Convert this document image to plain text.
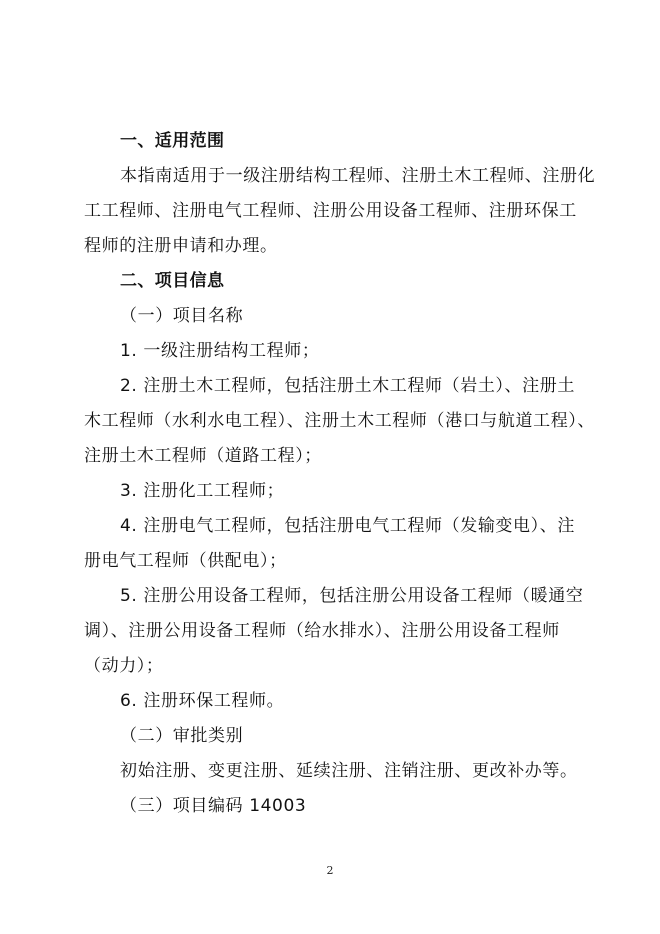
一、适用范围
本指南适用于一级注册结构工程师、注册土木工程师、注册化
工工程师、注册电气工程师、注册公用设备工程师、注册环保工
程师的注册申请和办理。
二、项目信息
（一）项目名称
1. 一级注册结构工程师；
2. 注册土木工程师，包括注册土木工程师（岩土）、注册土
木工程师（水利水电工程）、注册土木工程师（港口与航道工程）、
注册土木工程师（道路工程）；
3. 注册化工工程师；
4. 注册电气工程师，包括注册电气工程师（发输变电）、注
册电气工程师（供配电）；
5. 注册公用设备工程师，包括注册公用设备工程师（暖通空
调）、注册公用设备工程师（给水排水）、注册公用设备工程师
（动力）；
6. 注册环保工程师。
（二）审批类别
初始注册、变更注册、延续注册、注销注册、更改补办等。
（三）项目编码 14003
2
